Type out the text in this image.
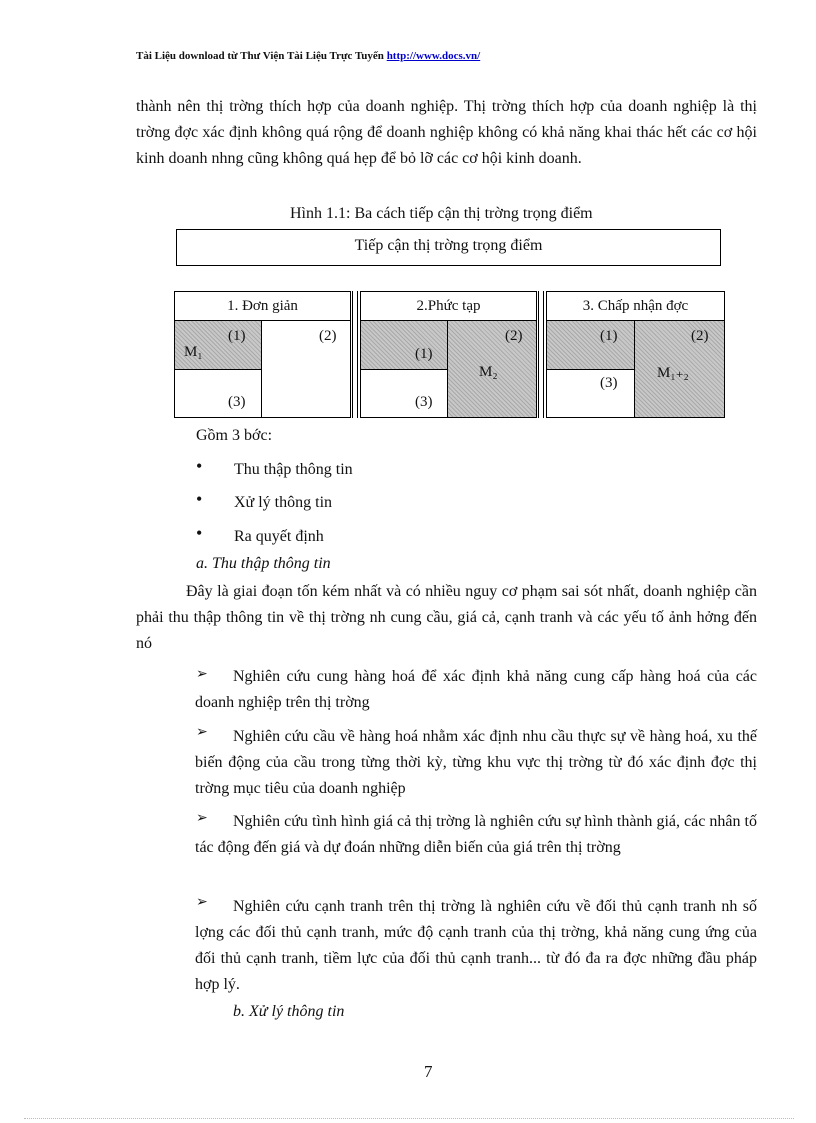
Tài Liệu download từ Thư Viện Tài Liệu Trực Tuyến http://www.docs.vn/

thành nên thị trờng thích hợp của doanh nghiệp. Thị trờng thích hợp của doanh nghiệp là thị trờng đợc xác định không quá rộng để doanh nghiệp không có khả năng khai thác hết các cơ hội kinh doanh nhng cũng không quá hẹp để bỏ lỡ các cơ hội kinh doanh.

Hình 1.1: Ba cách tiếp cận thị trờng trọng điểm
Tiếp cận thị trờng trọng điểm
1. Đơn giản
M₁
(1)	(2)
(3)
2.Phức tạp
M₂
(1)
(2)
(3)
3. Chấp nhận đợc
M₁₊₂
(1)	(2)
(3)
Gồm 3 bớc:
• Thu thập thông tin
• Xử lý thông tin
• Ra quyết định
a. Thu thập thông tin

Đây là giai đoạn tốn kém nhất và có nhiều nguy cơ phạm sai sót nhất, doanh nghiệp cần phải thu thập thông tin về thị trờng nh cung cầu, giá cả, cạnh tranh và các yếu tố ảnh hởng đến nó

➢	Nghiên cứu cung hàng hoá để xác định khả năng cung cấp hàng hoá của các doanh nghiệp trên thị trờng

➢	Nghiên cứu cầu về hàng hoá nhằm xác định nhu cầu thực sự về hàng hoá, xu thế biến động của cầu trong từng thời kỳ, từng khu vực thị trờng từ đó xác định đợc thị trờng mục tiêu của doanh nghiệp

➢	Nghiên cứu tình hình giá cả thị trờng là nghiên cứu sự hình thành giá, các nhân tố tác động đến giá và dự đoán những diễn biến của giá trên thị trờng

➢	Nghiên cứu cạnh tranh trên thị trờng là nghiên cứu về đối thủ cạnh tranh nh số lợng các đối thủ cạnh tranh, mức độ cạnh tranh của thị trờng, khả năng cung ứng của đối thủ cạnh tranh, tiềm lực của đối thủ cạnh tranh... từ đó đa ra đợc những đầu pháp hợp lý.

b. Xử lý thông tin
7
